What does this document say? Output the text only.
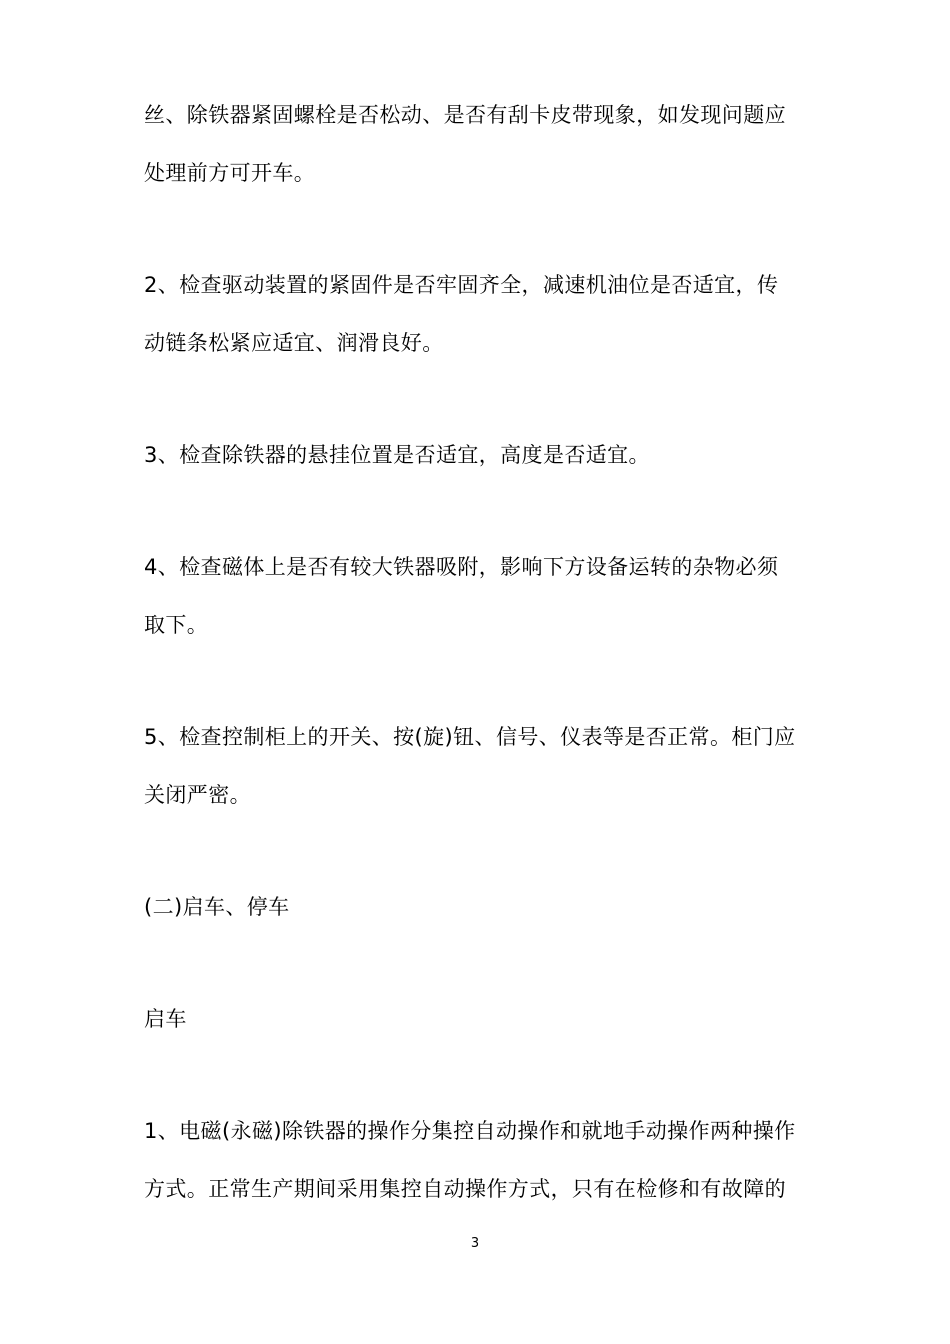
丝、除铁器紧固螺栓是否松动、是否有刮卡皮带现象，如发现问题应
处理前方可开车。

2、检查驱动装置的紧固件是否牢固齐全，减速机油位是否适宜，传
动链条松紧应适宜、润滑良好。

3、检查除铁器的悬挂位置是否适宜，高度是否适宜。

4、检查磁体上是否有较大铁器吸附，影响下方设备运转的杂物必须
取下。

5、检查控制柜上的开关、按(旋)钮、信号、仪表等是否正常。柜门应
关闭严密。

(二)启车、停车

启车

1、电磁(永磁)除铁器的操作分集控自动操作和就地手动操作两种操作
方式。正常生产期间采用集控自动操作方式，只有在检修和有故障的

3
